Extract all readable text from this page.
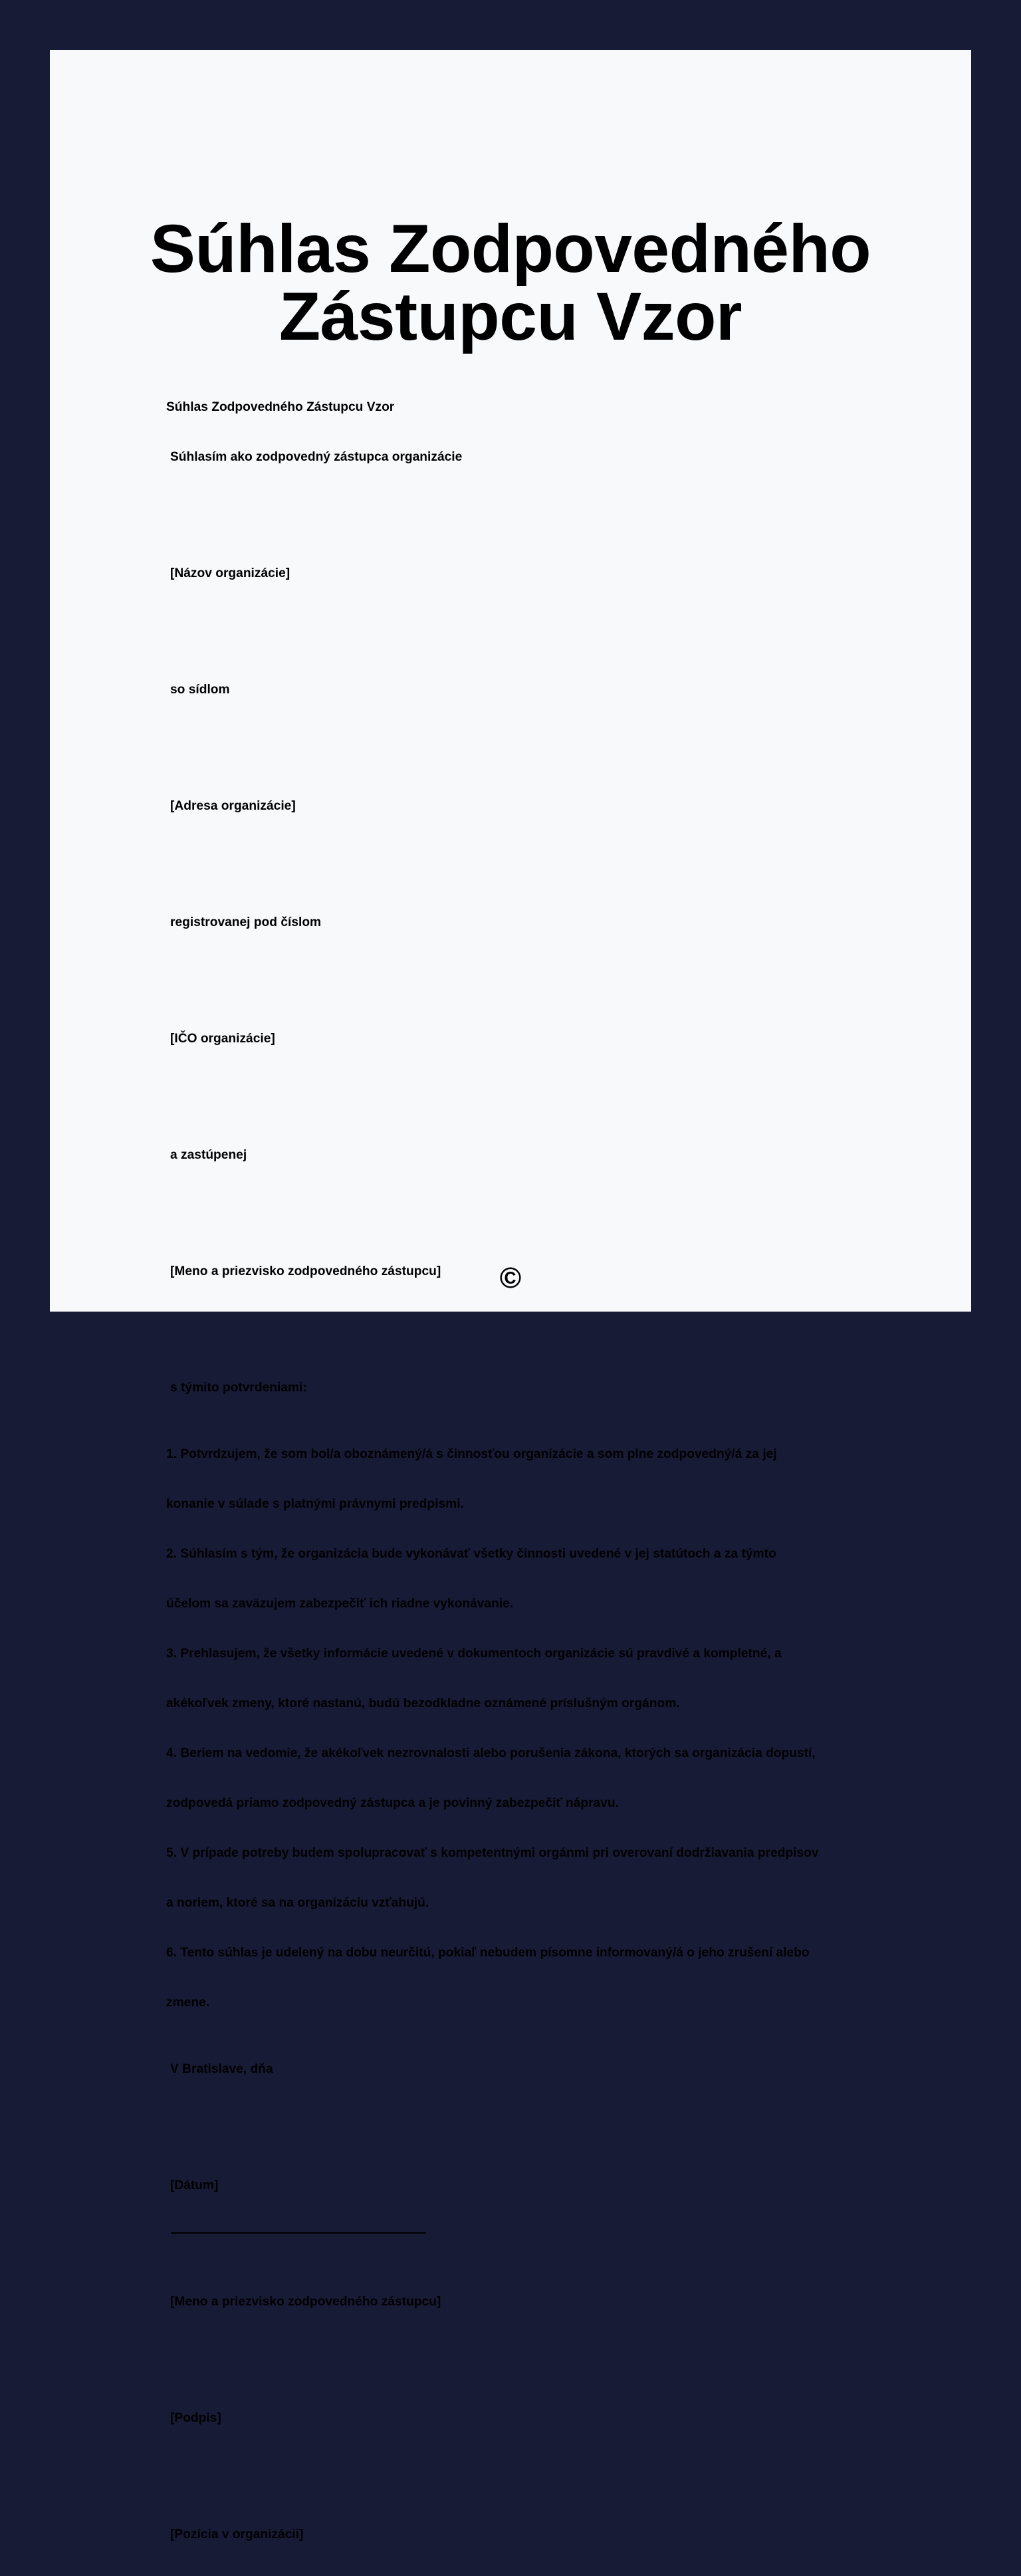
Súhlas Zodpovedného
Zástupcu Vzor

Súhlas Zodpovedného Zástupcu Vzor

Súhlasím ako zodpovedný zástupca organizácie

[Názov organizácie]

so sídlom

[Adresa organizácie]

registrovanej pod číslom

[IČO organizácie]

a zastúpenej

[Meno a priezvisko zodpovedného zástupcu]

s týmito potvrdeniami:

1. Potvrdzujem, že som bol/a oboznámený/á s činnosťou organizácie a som plne zodpovedný/á za jej

konanie v súlade s platnými právnymi predpismi.

2. Súhlasím s tým, že organizácia bude vykonávať všetky činnosti uvedené v jej statútoch a za týmto

účelom sa zaväzujem zabezpečiť ich riadne vykonávanie.

3. Prehlasujem, že všetky informácie uvedené v dokumentoch organizácie sú pravdivé a kompletné, a

akékoľvek zmeny, ktoré nastanú, budú bezodkladne oznámené príslušným orgánom.

4. Beriem na vedomie, že akékoľvek nezrovnalosti alebo porušenia zákona, ktorých sa organizácia dopustí,

zodpovedá priamo zodpovedný zástupca a je povinný zabezpečiť nápravu.

5. V prípade potreby budem spolupracovať s kompetentnými orgánmi pri overovaní dodržiavania predpisov

a noriem, ktoré sa na organizáciu vzťahujú.

6. Tento súhlas je udelený na dobu neurčitú, pokiaľ nebudem písomne informovaný/á o jeho zrušení alebo

zmene.

V Bratislave, dňa

[Dátum]

[Meno a priezvisko zodpovedného zástupcu]

[Podpis]

[Pozícia v organizácii]

©
